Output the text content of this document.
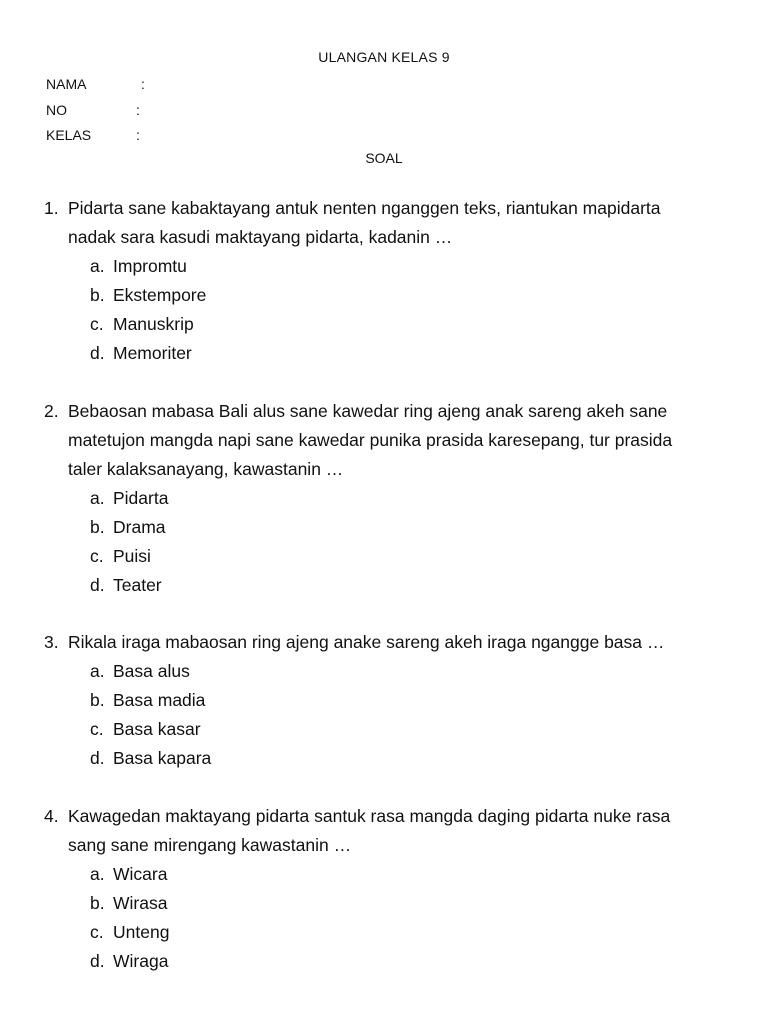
ULANGAN KELAS 9
NAMA	:
NO	:
KELAS	:
SOAL
1. Pidarta sane kabaktayang antuk nenten nganggen teks, riantukan mapidarta
nadak sara kasudi maktayang pidarta, kadanin …
a. Impromtu
b. Ekstempore
c. Manuskrip
d. Memoriter
2. Bebaosan mabasa Bali alus sane kawedar ring ajeng anak sareng akeh sane
matetujon mangda napi sane kawedar punika prasida karesepang, tur prasida
taler kalaksanayang, kawastanin …
a. Pidarta
b. Drama
c. Puisi
d. Teater
3. Rikala iraga mabaosan ring ajeng anake sareng akeh iraga ngangge basa …
a. Basa alus
b. Basa madia
c. Basa kasar
d. Basa kapara
4. Kawagedan maktayang pidarta santuk rasa mangda daging pidarta nuke rasa
sang sane mirengang kawastanin …
a. Wicara
b. Wirasa
c. Unteng
d. Wiraga
